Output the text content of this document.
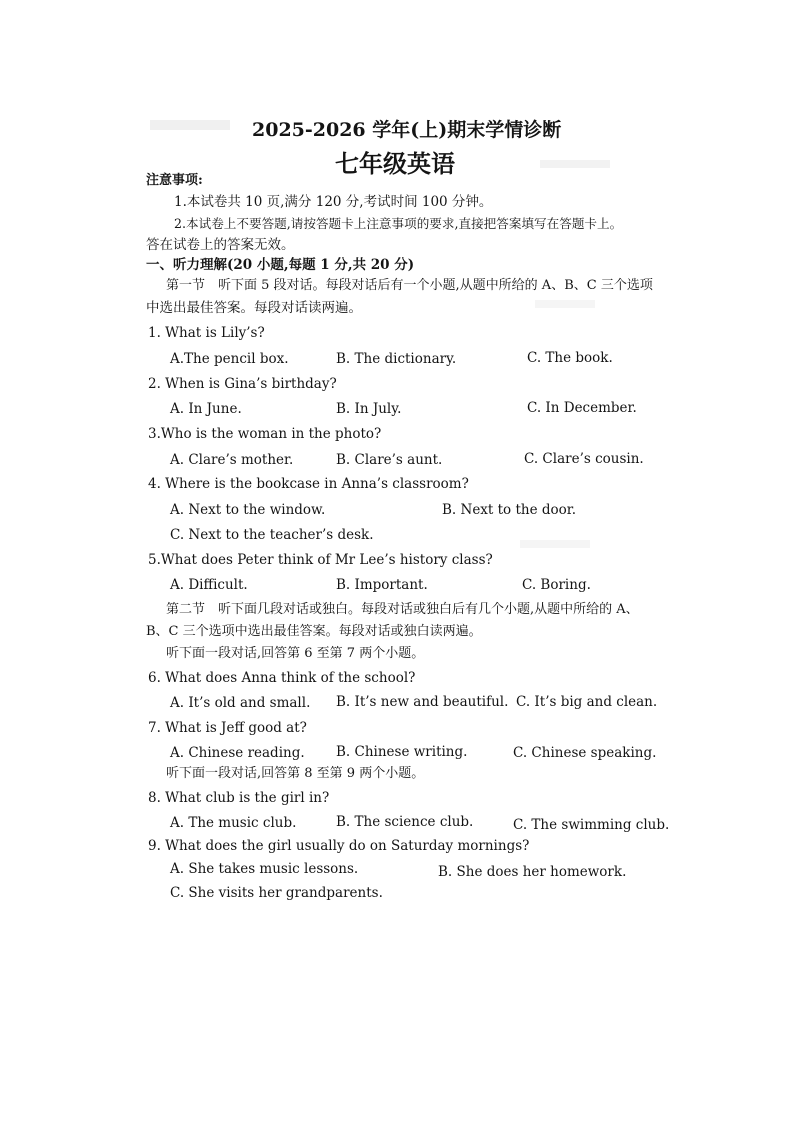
2025-2026 学年(上)期末学情诊断
七年级英语
注意事项:
1.本试卷共 10 页,满分 120 分,考试时间 100 分钟。
2.本试卷上不要答题,请按答题卡上注意事项的要求,直接把答案填写在答题卡上。
答在试卷上的答案无效。
一、听力理解(20 小题,每题 1 分,共 20 分)
第一节　听下面 5 段对话。每段对话后有一个小题,从题中所给的 A、B、C 三个选项
中选出最佳答案。每段对话读两遍。
1. What is Lily’s?
A.The pencil box.	B. The dictionary.	C. The book.
2. When is Gina’s birthday?
A. In June.	B. In July.	C. In December.
3.Who is the woman in the photo?
A. Clare’s mother.	B. Clare’s aunt.	C. Clare’s cousin.
4. Where is the bookcase in Anna’s classroom?
A. Next to the window.	B. Next to the door.
C. Next to the teacher’s desk.
5.What does Peter think of Mr Lee’s history class?
A. Difficult.	B. Important.	C. Boring.
第二节　听下面几段对话或独白。每段对话或独白后有几个小题,从题中所给的 A、
B、C 三个选项中选出最佳答案。每段对话或独白读两遍。
听下面一段对话,回答第 6 至第 7 两个小题。
6. What does Anna think of the school?
A. It’s old and small. B. It’s new and beautiful. C. It’s big and clean.
7. What is Jeff good at?
A. Chinese reading. B. Chinese writing.	C. Chinese speaking.
听下面一段对话,回答第 8 至第 9 两个小题。
8. What club is the girl in?
A. The music club.	B. The science club.	C. The swimming club.
9. What does the girl usually do on Saturday mornings?
A. She takes music lessons.	B. She does her homework.
C. She visits her grandparents.
